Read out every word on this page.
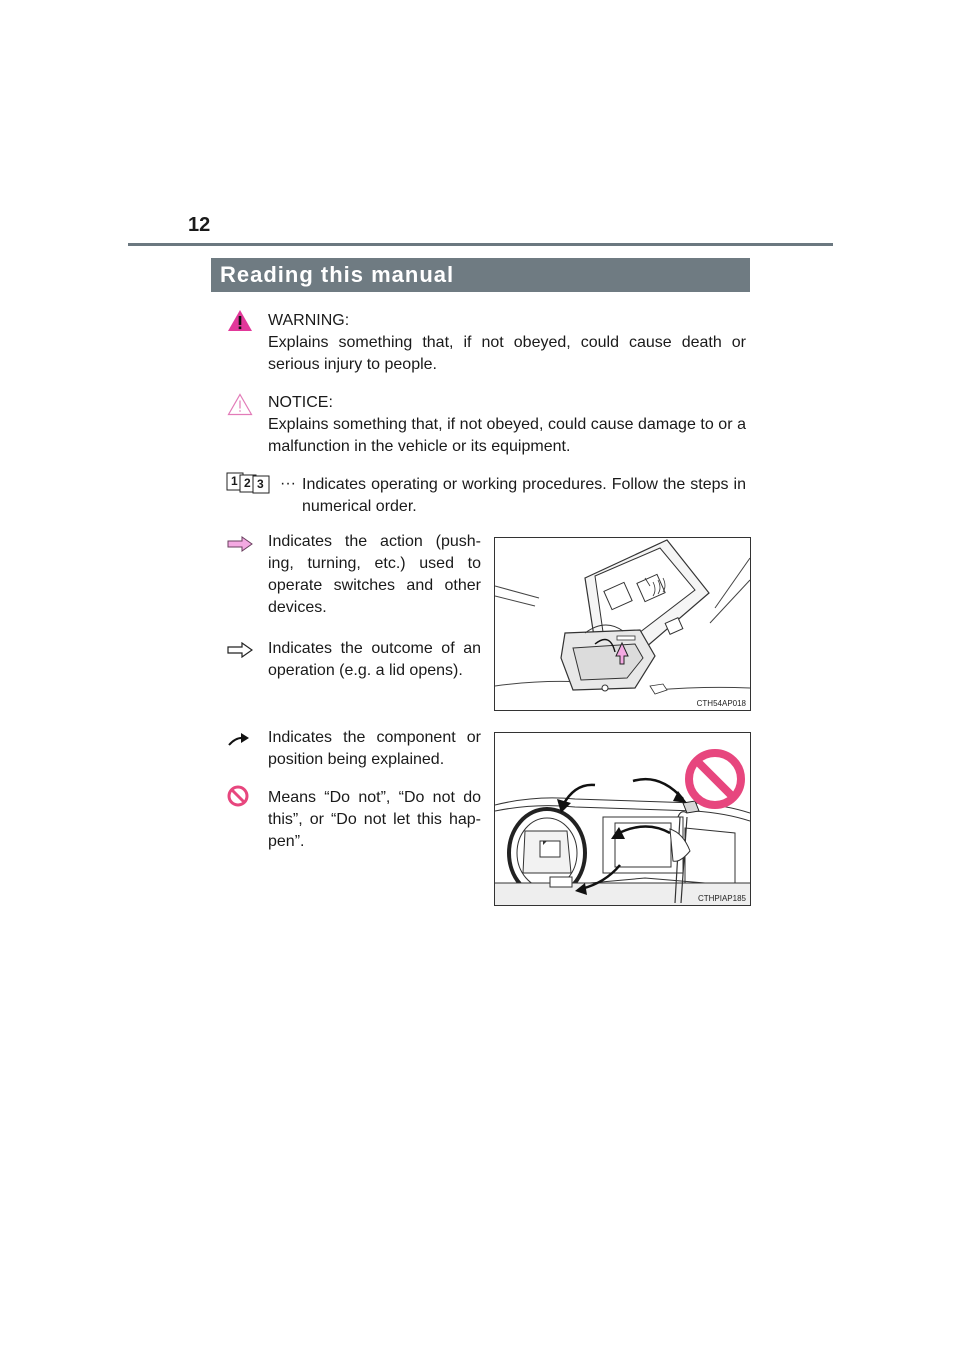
12
Reading this manual
WARNING:
Explains something that, if not obeyed, could cause death or serious injury to people.
NOTICE:
Explains something that, if not obeyed, could cause damage to or a malfunction in the vehicle or its equipment.
1 2 3 ··· Indicates operating or working procedures. Follow the steps in numerical order.
Indicates the action (push-ing, turning, etc.) used to operate switches and other devices.
Indicates the outcome of an operation (e.g. a lid opens).
Indicates the component or position being explained.
Means “Do not”, “Do not do this”, or “Do not let this hap-pen”.
CTH54AP018
CTHPIAP185
